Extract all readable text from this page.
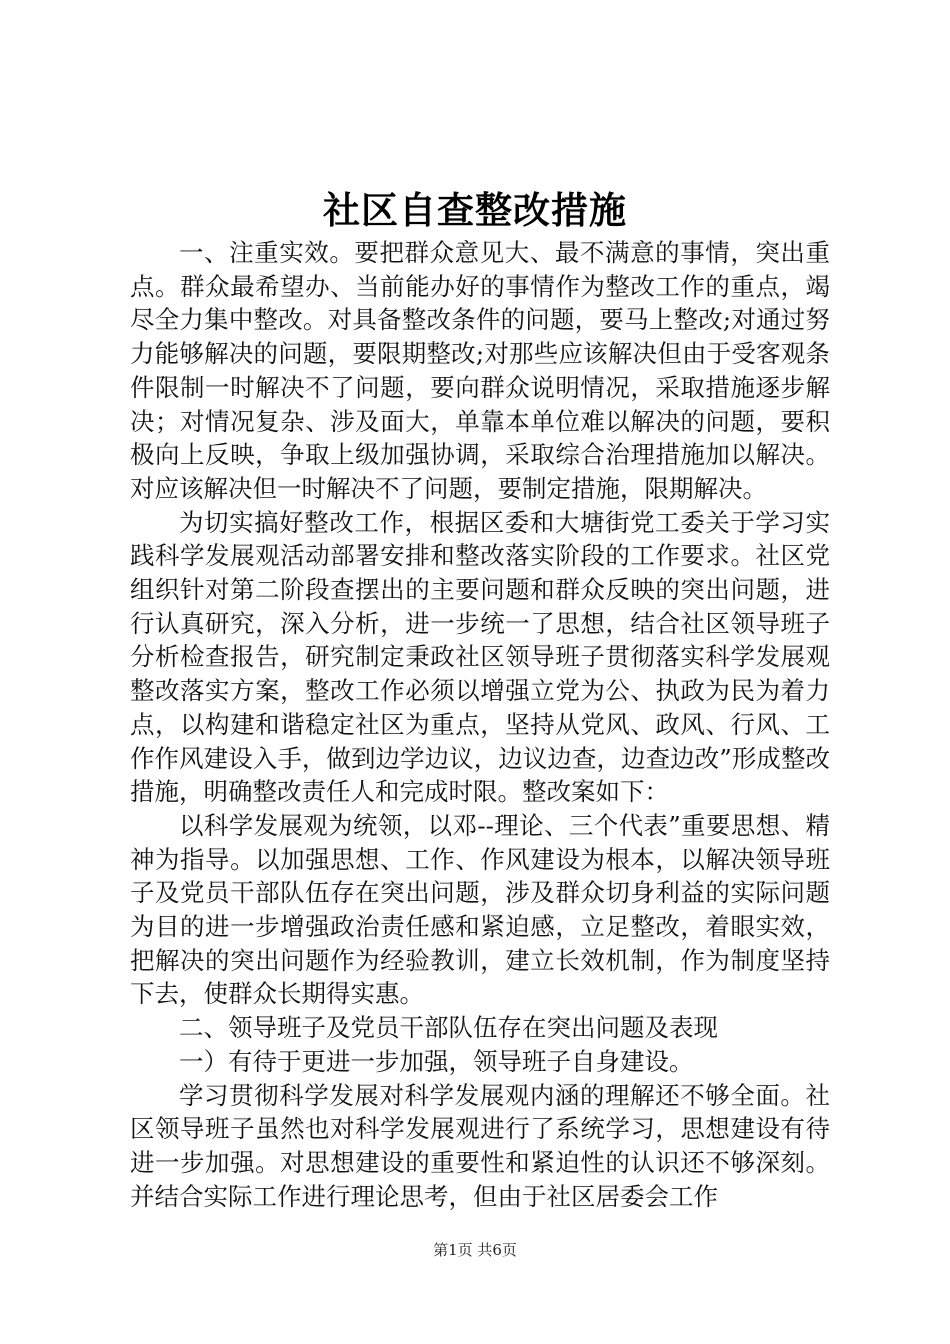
社区自查整改措施

一、注重实效。要把群众意见大、最不满意的事情，突出重点。群众最希望办、当前能办好的事情作为整改工作的重点，竭尽全力集中整改。对具备整改条件的问题，要马上整改;对通过努力能够解决的问题，要限期整改;对那些应该解决但由于受客观条件限制一时解决不了问题，要向群众说明情况，采取措施逐步解决；对情况复杂、涉及面大，单靠本单位难以解决的问题，要积极向上反映，争取上级加强协调，采取综合治理措施加以解决。对应该解决但一时解决不了问题，要制定措施，限期解决。

为切实搞好整改工作，根据区委和大塘街党工委关于学习实践科学发展观活动部署安排和整改落实阶段的工作要求。社区党组织针对第二阶段查摆出的主要问题和群众反映的突出问题，进行认真研究，深入分析，进一步统一了思想，结合社区领导班子分析检查报告，研究制定秉政社区领导班子贯彻落实科学发展观整改落实方案，整改工作必须以增强立党为公、执政为民为着力点，以构建和谐稳定社区为重点，坚持从党风、政风、行风、工作作风建设入手，做到边学边议，边议边查，边查边改”形成整改措施，明确整改责任人和完成时限。整改案如下：

以科学发展观为统领，以邓--理论、三个代表”重要思想、精神为指导。以加强思想、工作、作风建设为根本，以解决领导班子及党员干部队伍存在突出问题，涉及群众切身利益的实际问题为目的进一步增强政治责任感和紧迫感，立足整改，着眼实效，把解决的突出问题作为经验教训，建立长效机制，作为制度坚持下去，使群众长期得实惠。

二、领导班子及党员干部队伍存在突出问题及表现

一）有待于更进一步加强，领导班子自身建设。

学习贯彻科学发展对科学发展观内涵的理解还不够全面。社区领导班子虽然也对科学发展观进行了系统学习，思想建设有待进一步加强。对思想建设的重要性和紧迫性的认识还不够深刻。并结合实际工作进行理论思考，但由于社区居委会工作

第1页 共6页
